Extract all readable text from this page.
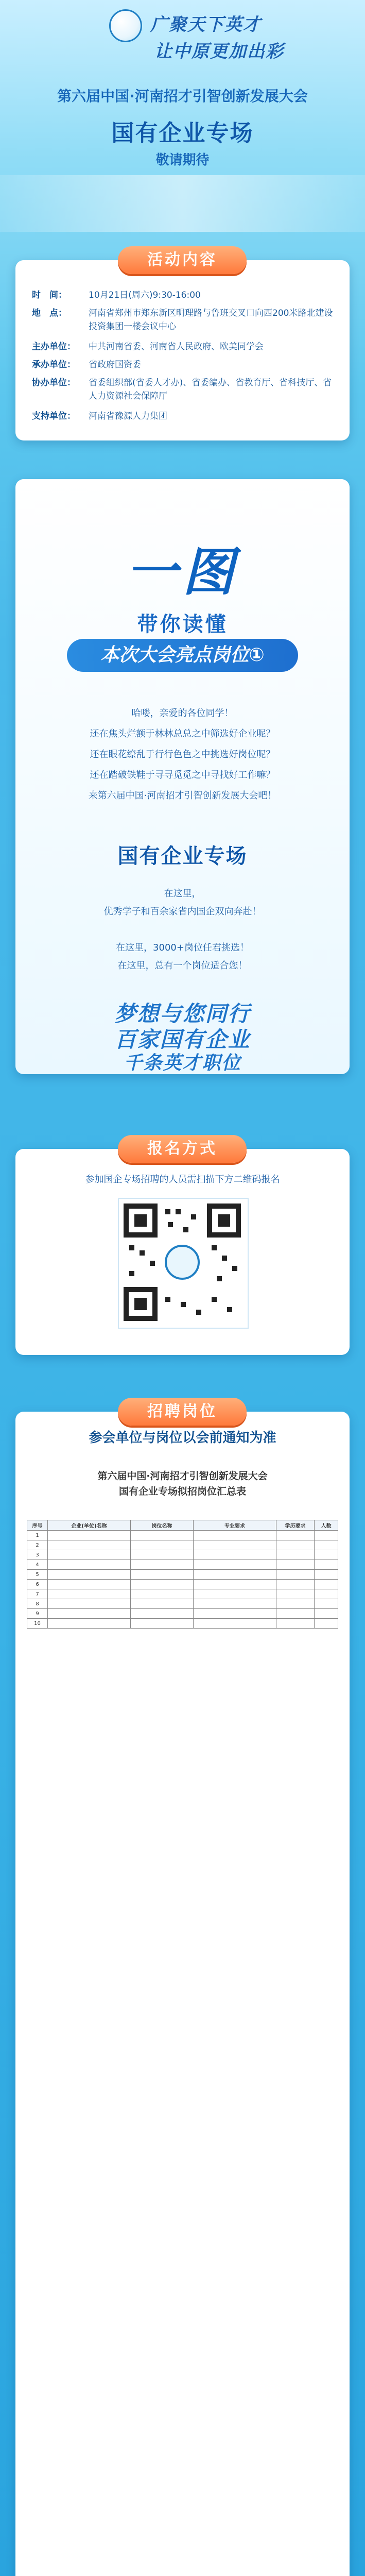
广聚天下英才
让中原更加出彩
第六届中国·河南招才引智创新发展大会
国有企业专场
敬请期待
活动内容
时　间： 10月21日(周六)9:30-16:00
地　点： 河南省郑州市郑东新区明理路与鲁班交叉口向西200米路北建设投资集团一楼会议中心
主办单位： 中共河南省委、河南省人民政府、欧美同学会
承办单位： 省政府国资委
协办单位： 省委组织部(省委人才办)、省委编办、省教育厅、省科技厅、省人力资源社会保障厅
支持单位： 河南省豫源人力集团
一图
带你读懂
本次大会亮点岗位①
哈喽，亲爱的各位同学！
还在焦头烂额于林林总总之中筛选好企业呢？
还在眼花缭乱于行行色色之中挑选好岗位呢？
还在踏破铁鞋于寻寻觅觅之中寻找好工作嘛？
来第六届中国·河南招才引智创新发展大会吧！
国有企业专场
在这里，
优秀学子和百余家省内国企双向奔赴！
在这里，3000+岗位任君挑选！
在这里，总有一个岗位适合您！
梦想与您同行
百家国有企业
千条英才职位
报名方式
参加国企专场招聘的人员需扫描下方二维码报名
招聘岗位
参会单位与岗位以会前通知为准
第六届中国·河南招才引智创新发展大会
国有企业专场拟招岗位汇总表
序号	企业(单位)名称	岗位名称	专业要求	学历要求	人数
1					
2					
3					
4					
5					
6					
7					
8					
9					
10					
